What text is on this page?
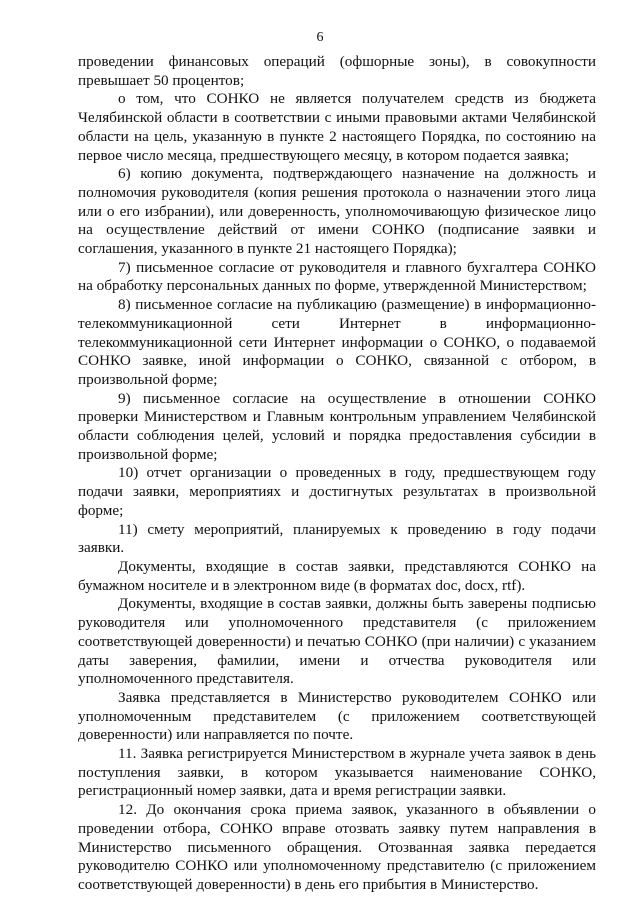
6

проведении финансовых операций (офшорные зоны), в совокупности превышает 50 процентов;

о том, что СОНКО не является получателем средств из бюджета Челябинской области в соответствии с иными правовыми актами Челябинской области на цель, указанную в пункте 2 настоящего Порядка, по состоянию на первое число месяца, предшествующего месяцу, в котором подается заявка;

6) копию документа, подтверждающего назначение на должность и полномочия руководителя (копия решения протокола о назначении этого лица или о его избрании), или доверенность, уполномочивающую физическое лицо на осуществление действий от имени СОНКО (подписание заявки и соглашения, указанного в пункте 21 настоящего Порядка);

7) письменное согласие от руководителя и главного бухгалтера СОНКО на обработку персональных данных по форме, утвержденной Министерством;

8) письменное согласие на публикацию (размещение) в информационно-телекоммуникационной сети Интернет в информационно-телекоммуникационной сети Интернет информации о СОНКО, о подаваемой СОНКО заявке, иной информации о СОНКО, связанной с отбором, в произвольной форме;

9) письменное согласие на осуществление в отношении СОНКО проверки Министерством и Главным контрольным управлением Челябинской области соблюдения целей, условий и порядка предоставления субсидии в произвольной форме;

10) отчет организации о проведенных в году, предшествующем году подачи заявки, мероприятиях и достигнутых результатах в произвольной форме;

11) смету мероприятий, планируемых к проведению в году подачи заявки.

Документы, входящие в состав заявки, представляются СОНКО на бумажном носителе и в электронном виде (в форматах doc, docx, rtf).

Документы, входящие в состав заявки, должны быть заверены подписью руководителя или уполномоченного представителя (с приложением соответствующей доверенности) и печатью СОНКО (при наличии) с указанием даты заверения, фамилии, имени и отчества руководителя или уполномоченного представителя.

Заявка представляется в Министерство руководителем СОНКО или уполномоченным представителем (с приложением соответствующей доверенности) или направляется по почте.

11. Заявка регистрируется Министерством в журнале учета заявок в день поступления заявки, в котором указывается наименование СОНКО, регистрационный номер заявки, дата и время регистрации заявки.

12. До окончания срока приема заявок, указанного в объявлении о проведении отбора, СОНКО вправе отозвать заявку путем направления в Министерство письменного обращения. Отозванная заявка передается руководителю СОНКО или уполномоченному представителю (с приложением соответствующей доверенности) в день его прибытия в Министерство.
